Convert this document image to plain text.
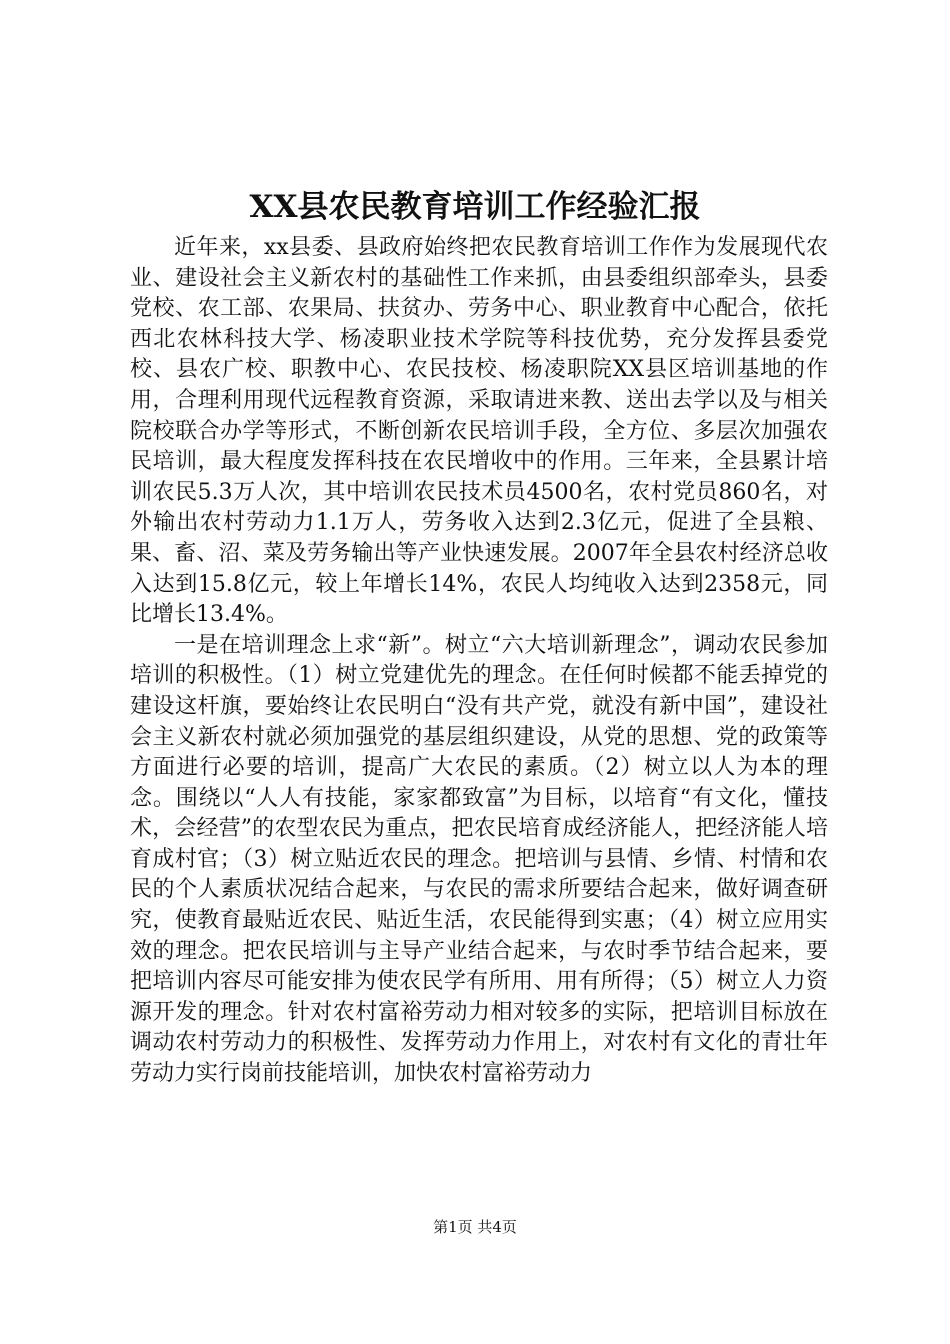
XX县农民教育培训工作经验汇报

近年来，xx县委、县政府始终把农民教育培训工作作为发展现代农业、建设社会主义新农村的基础性工作来抓，由县委组织部牵头，县委党校、农工部、农果局、扶贫办、劳务中心、职业教育中心配合，依托西北农林科技大学、杨凌职业技术学院等科技优势，充分发挥县委党校、县农广校、职教中心、农民技校、杨凌职院XX县区培训基地的作用，合理利用现代远程教育资源，采取请进来教、送出去学以及与相关院校联合办学等形式，不断创新农民培训手段，全方位、多层次加强农民培训，最大程度发挥科技在农民增收中的作用。三年来，全县累计培训农民5.3万人次，其中培训农民技术员4500名，农村党员860名，对外输出农村劳动力1.1万人，劳务收入达到2.3亿元，促进了全县粮、果、畜、沼、菜及劳务输出等产业快速发展。2007年全县农村经济总收入达到15.8亿元，较上年增长14%，农民人均纯收入达到2358元，同比增长13.4%。

一是在培训理念上求“新”。树立“六大培训新理念”，调动农民参加培训的积极性。（1）树立党建优先的理念。在任何时候都不能丢掉党的建设这杆旗，要始终让农民明白“没有共产党，就没有新中国”，建设社会主义新农村就必须加强党的基层组织建设，从党的思想、党的政策等方面进行必要的培训，提高广大农民的素质。（2）树立以人为本的理念。围绕以“人人有技能，家家都致富”为目标，以培育“有文化，懂技术，会经营”的农型农民为重点，把农民培育成经济能人，把经济能人培育成村官；（3）树立贴近农民的理念。把培训与县情、乡情、村情和农民的个人素质状况结合起来，与农民的需求所要结合起来，做好调查研究，使教育最贴近农民、贴近生活，农民能得到实惠；（4）树立应用实效的理念。把农民培训与主导产业结合起来，与农时季节结合起来，要把培训内容尽可能安排为使农民学有所用、用有所得；（5）树立人力资源开发的理念。针对农村富裕劳动力相对较多的实际，把培训目标放在调动农村劳动力的积极性、发挥劳动力作用上，对农村有文化的青壮年劳动力实行岗前技能培训，加快农村富裕劳动力

第1页 共4页
